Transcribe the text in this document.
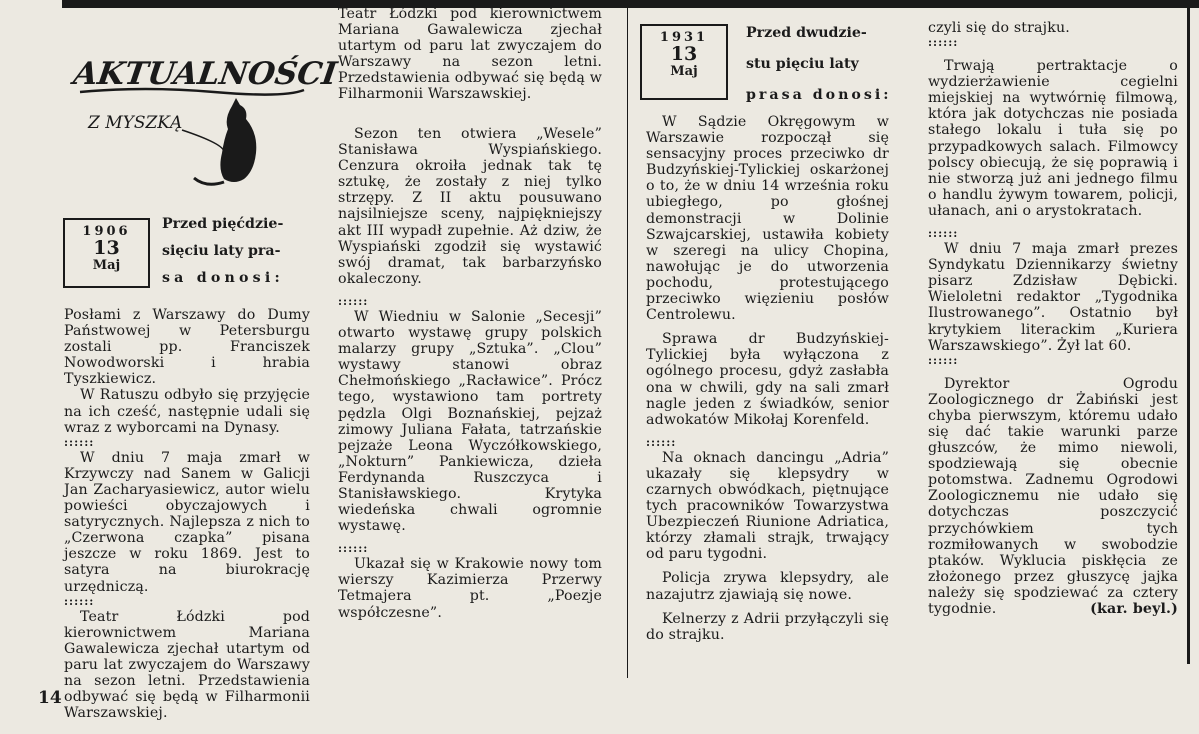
AKTUALNOŚCI
Z MYSZKĄ
1906
13
Maj
Przed pięćdzie-
sięciu laty pra-
sa donosi:

Posłami z Warszawy do Dumy Państwowej w Petersburgu zostali pp. Franciszek Nowodworski i hrabia Tyszkiewicz.

W Ratuszu odbyło się przyjęcie na ich cześć, następnie udali się wraz z wyborcami na Dynasy.

::::::

W dniu 7 maja zmarł w Krzywczy nad Sanem w Galicji Jan Zacharyasiewicz, autor wielu powieści obyczajowych i satyrycznych. Najlepsza z nich to „Czerwona czapka” pisana jeszcze w roku 1869. Jest to satyra na biurokrację urzędniczą.

::::::

Teatr Łódzki pod kierownictwem Mariana Gawalewicza zjechał utartym od paru lat zwyczajem do Warszawy na sezon letni. Przedstawienia odbywać się będą w Filharmonii Warszawskiej.

Teatr Łódzki pod kierownictwem Mariana Gawalewicza zjechał utartym od paru lat zwyczajem do Warszawy na sezon letni. Przedstawienia odbywać się będą w Filharmonii Warszawskiej.

Sezon ten otwiera „Wesele” Stanisława Wyspiańskiego. Cenzura okroiła jednak tak tę sztukę, że zostały z niej tylko strzępy. Z II aktu pousuwano najsilniejsze sceny, najpiękniejszy akt III wypadł zupełnie. Aż dziw, że Wyspiański zgodził się wystawić swój dramat, tak barbarzyńsko okaleczony.

::::::

W Wiedniu w Salonie „Secesji” otwarto wystawę grupy polskich malarzy grupy „Sztuka”. „Clou” wystawy stanowi obraz Chełmońskiego „Racławice”. Prócz tego, wystawiono tam portrety pędzla Olgi Boznańskiej, pejzaż zimowy Juliana Fałata, tatrzańskie pejzaże Leona Wyczółkowskiego, „Nokturn” Pankiewicza, dzieła Ferdynanda Ruszczyca i Stanisławskiego. Krytyka wiedeńska chwali ogromnie wystawę.

::::::

Ukazał się w Krakowie nowy tom wierszy Kazimierza Przerwy Tetmajera pt. „Poezje współczesne”.

1931
13
Maj
Przed dwudzie-
stu pięciu laty
prasa donosi:

W Sądzie Okręgowym w Warszawie rozpoczął się sensacyjny proces przeciwko dr Budzyńskiej-Tylickiej oskarżonej o to, że w dniu 14 września roku ubiegłego, po głośnej demonstracji w Dolinie Szwajcarskiej, ustawiła kobiety w szeregi na ulicy Chopina, nawołując je do utworzenia pochodu, protestującego przeciwko więzieniu posłów Centrolewu.

Sprawa dr Budzyńskiej-Tylickiej była wyłączona z ogólnego procesu, gdyż zasłabła ona w chwili, gdy na sali zmarł nagle jeden z świadków, senior adwokatów Mikołaj Korenfeld.

::::::

Na oknach dancingu „Adria” ukazały się klepsydry w czarnych obwódkach, piętnujące tych pracowników Towarzystwa Ubezpieczeń Riunione Adriatica, którzy złamali strajk, trwający od paru tygodni.

Policja zrywa klepsydry, ale nazajutrz zjawiają się nowe.

Kelnerzy z Adrii przyłączyli się do strajku.

czyli się do strajku.

::::::

Trwają pertraktacje o wydzierżawienie cegielni miejskiej na wytwórnię filmową, która jak dotychczas nie posiada stałego lokalu i tuła się po przypadkowych salach. Filmowcy polscy obiecują, że się poprawią i nie stworzą już ani jednego filmu o handlu żywym towarem, policji, ułanach, ani o arystokratach.

::::::

W dniu 7 maja zmarł prezes Syndykatu Dziennikarzy świetny pisarz Zdzisław Dębicki. Wieloletni redaktor „Tygodnika Ilustrowanego”. Ostatnio był krytykiem literackim „Kuriera Warszawskiego”. Żył lat 60.

::::::

Dyrektor Ogrodu Zoologicznego dr Żabiński jest chyba pierwszym, któremu udało się dać takie warunki parze głuszców, że mimo niewoli, spodziewają się obecnie potomstwa. Zadnemu Ogrodowi Zoologicznemu nie udało się dotychczas poszczycić przychówkiem tych rozmiłowanych w swobodzie ptaków. Wyklucia piskłęcia ze złożonego przez głuszycę jajka należy się spodziewać za cztery tygodnie.	(kar. beyl.)

14
